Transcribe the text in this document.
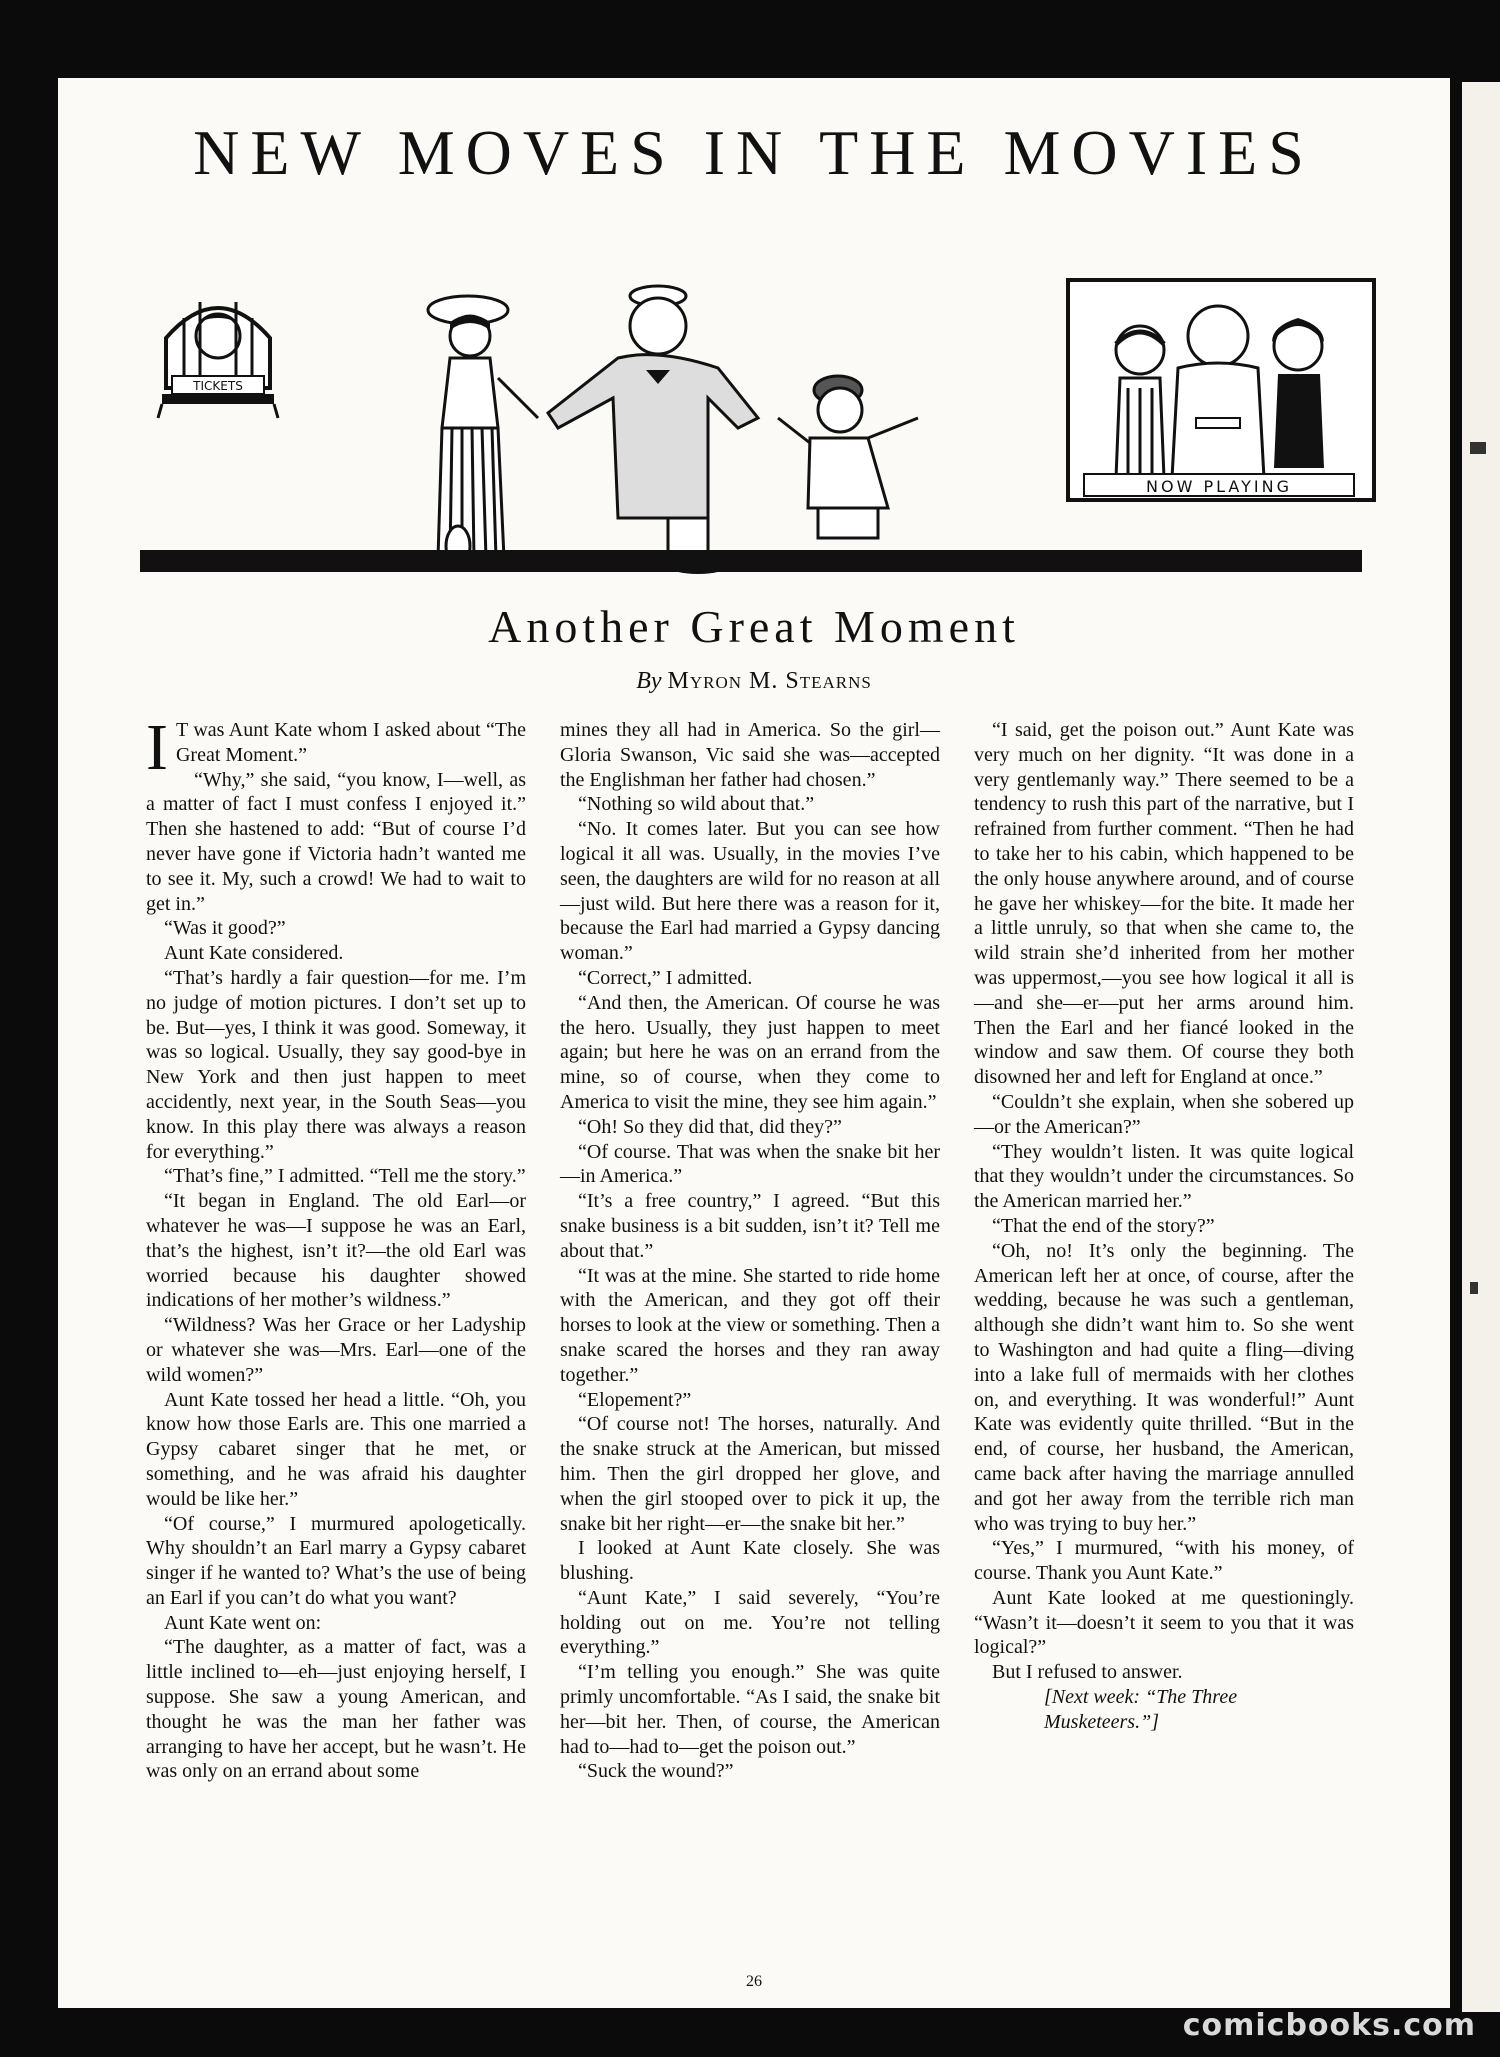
NEW MOVES IN THE MOVIES
TICKETS
NOW PLAYING
Another Great Moment
By Myron M. Stearns

I T was Aunt Kate whom I asked about “The Great Moment.”

“Why,” she said, “you know, I—well, as a matter of fact I must confess I enjoyed it.” Then she hastened to add: “But of course I’d never have gone if Victoria hadn’t wanted me to see it. My, such a crowd! We had to wait to get in.”

“Was it good?”

Aunt Kate considered.

“That’s hardly a fair question—for me. I’m no judge of motion pictures. I don’t set up to be. But—yes, I think it was good. Someway, it was so logical. Usually, they say good-bye in New York and then just happen to meet accidently, next year, in the South Seas—you know. In this play there was always a reason for everything.”

“That’s fine,” I admitted. “Tell me the story.”

“It began in England. The old Earl—or whatever he was—I suppose he was an Earl, that’s the highest, isn’t it?—the old Earl was worried because his daughter showed indications of her mother’s wildness.”

“Wildness? Was her Grace or her Ladyship or whatever she was—Mrs. Earl—one of the wild women?”

Aunt Kate tossed her head a little. “Oh, you know how those Earls are. This one married a Gypsy cabaret singer that he met, or something, and he was afraid his daughter would be like her.”

“Of course,” I murmured apologetically. Why shouldn’t an Earl marry a Gypsy cabaret singer if he wanted to? What’s the use of being an Earl if you can’t do what you want?

Aunt Kate went on:

“The daughter, as a matter of fact, was a little inclined to—eh—just enjoying herself, I suppose. She saw a young American, and thought he was the man her father was arranging to have her accept, but he wasn’t. He was only on an errand about some

mines they all had in America. So the girl—Gloria Swanson, Vic said she was—accepted the Englishman her father had chosen.”

“Nothing so wild about that.”

“No. It comes later. But you can see how logical it all was. Usually, in the movies I’ve seen, the daughters are wild for no reason at all—just wild. But here there was a reason for it, because the Earl had married a Gypsy dancing woman.”

“Correct,” I admitted.

“And then, the American. Of course he was the hero. Usually, they just happen to meet again; but here he was on an errand from the mine, so of course, when they come to America to visit the mine, they see him again.”

“Oh! So they did that, did they?”

“Of course. That was when the snake bit her—in America.”

“It’s a free country,” I agreed. “But this snake business is a bit sudden, isn’t it? Tell me about that.”

“It was at the mine. She started to ride home with the American, and they got off their horses to look at the view or something. Then a snake scared the horses and they ran away together.”

“Elopement?”

“Of course not! The horses, naturally. And the snake struck at the American, but missed him. Then the girl dropped her glove, and when the girl stooped over to pick it up, the snake bit her right—er—the snake bit her.”

I looked at Aunt Kate closely. She was blushing.

“Aunt Kate,” I said severely, “You’re holding out on me. You’re not telling everything.”

“I’m telling you enough.” She was quite primly uncomfortable. “As I said, the snake bit her—bit her. Then, of course, the American had to—had to—get the poison out.”

“Suck the wound?”

“I said, get the poison out.” Aunt Kate was very much on her dignity. “It was done in a very gentlemanly way.” There seemed to be a tendency to rush this part of the narrative, but I refrained from further comment. “Then he had to take her to his cabin, which happened to be the only house anywhere around, and of course he gave her whiskey—for the bite. It made her a little unruly, so that when she came to, the wild strain she’d inherited from her mother was uppermost,—you see how logical it all is—and she—er—put her arms around him. Then the Earl and her fiancé looked in the window and saw them. Of course they both disowned her and left for England at once.”

“Couldn’t she explain, when she sobered up—or the American?”

“They wouldn’t listen. It was quite logical that they wouldn’t under the circumstances. So the American married her.”

“That the end of the story?”

“Oh, no! It’s only the beginning. The American left her at once, of course, after the wedding, because he was such a gentleman, although she didn’t want him to. So she went to Washington and had quite a fling—diving into a lake full of mermaids with her clothes on, and everything. It was wonderful!” Aunt Kate was evidently quite thrilled. “But in the end, of course, her husband, the American, came back after having the marriage annulled and got her away from the terrible rich man who was trying to buy her.”

“Yes,” I murmured, “with his money, of course. Thank you Aunt Kate.”

Aunt Kate looked at me questioningly. “Wasn’t it—doesn’t it seem to you that it was logical?”

But I refused to answer.

[Next week: “The Three Musketeers.”]

26
comicbooks.com
